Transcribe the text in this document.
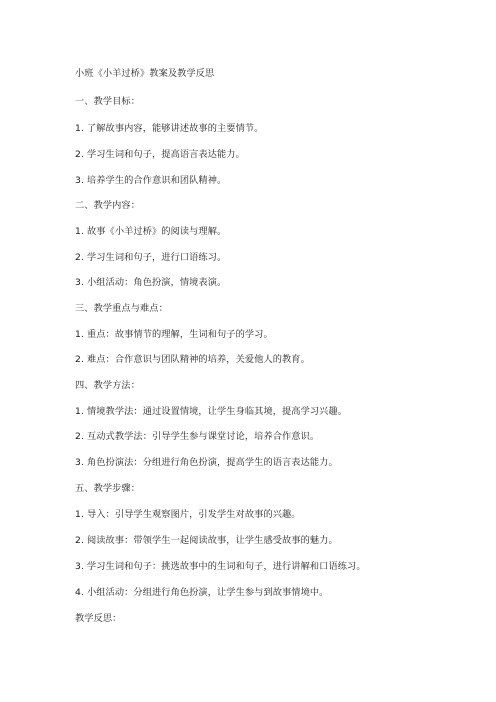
小班《小羊过桥》教案及教学反思
一、教学目标：
1. 了解故事内容，能够讲述故事的主要情节。
2. 学习生词和句子，提高语言表达能力。
3. 培养学生的合作意识和团队精神。
二、教学内容：
1. 故事《小羊过桥》的阅读与理解。
2. 学习生词和句子，进行口语练习。
3. 小组活动：角色扮演，情境表演。
三、教学重点与难点：
1. 重点：故事情节的理解，生词和句子的学习。
2. 难点：合作意识与团队精神的培养，关爱他人的教育。
四、教学方法：
1. 情境教学法：通过设置情境，让学生身临其境，提高学习兴趣。
2. 互动式教学法：引导学生参与课堂讨论，培养合作意识。
3. 角色扮演法：分组进行角色扮演，提高学生的语言表达能力。
五、教学步骤：
1. 导入：引导学生观察图片，引发学生对故事的兴趣。
2. 阅读故事：带领学生一起阅读故事，让学生感受故事的魅力。
3. 学习生词和句子：挑选故事中的生词和句子，进行讲解和口语练习。
4. 小组活动：分组进行角色扮演，让学生参与到故事情境中。
教学反思：
